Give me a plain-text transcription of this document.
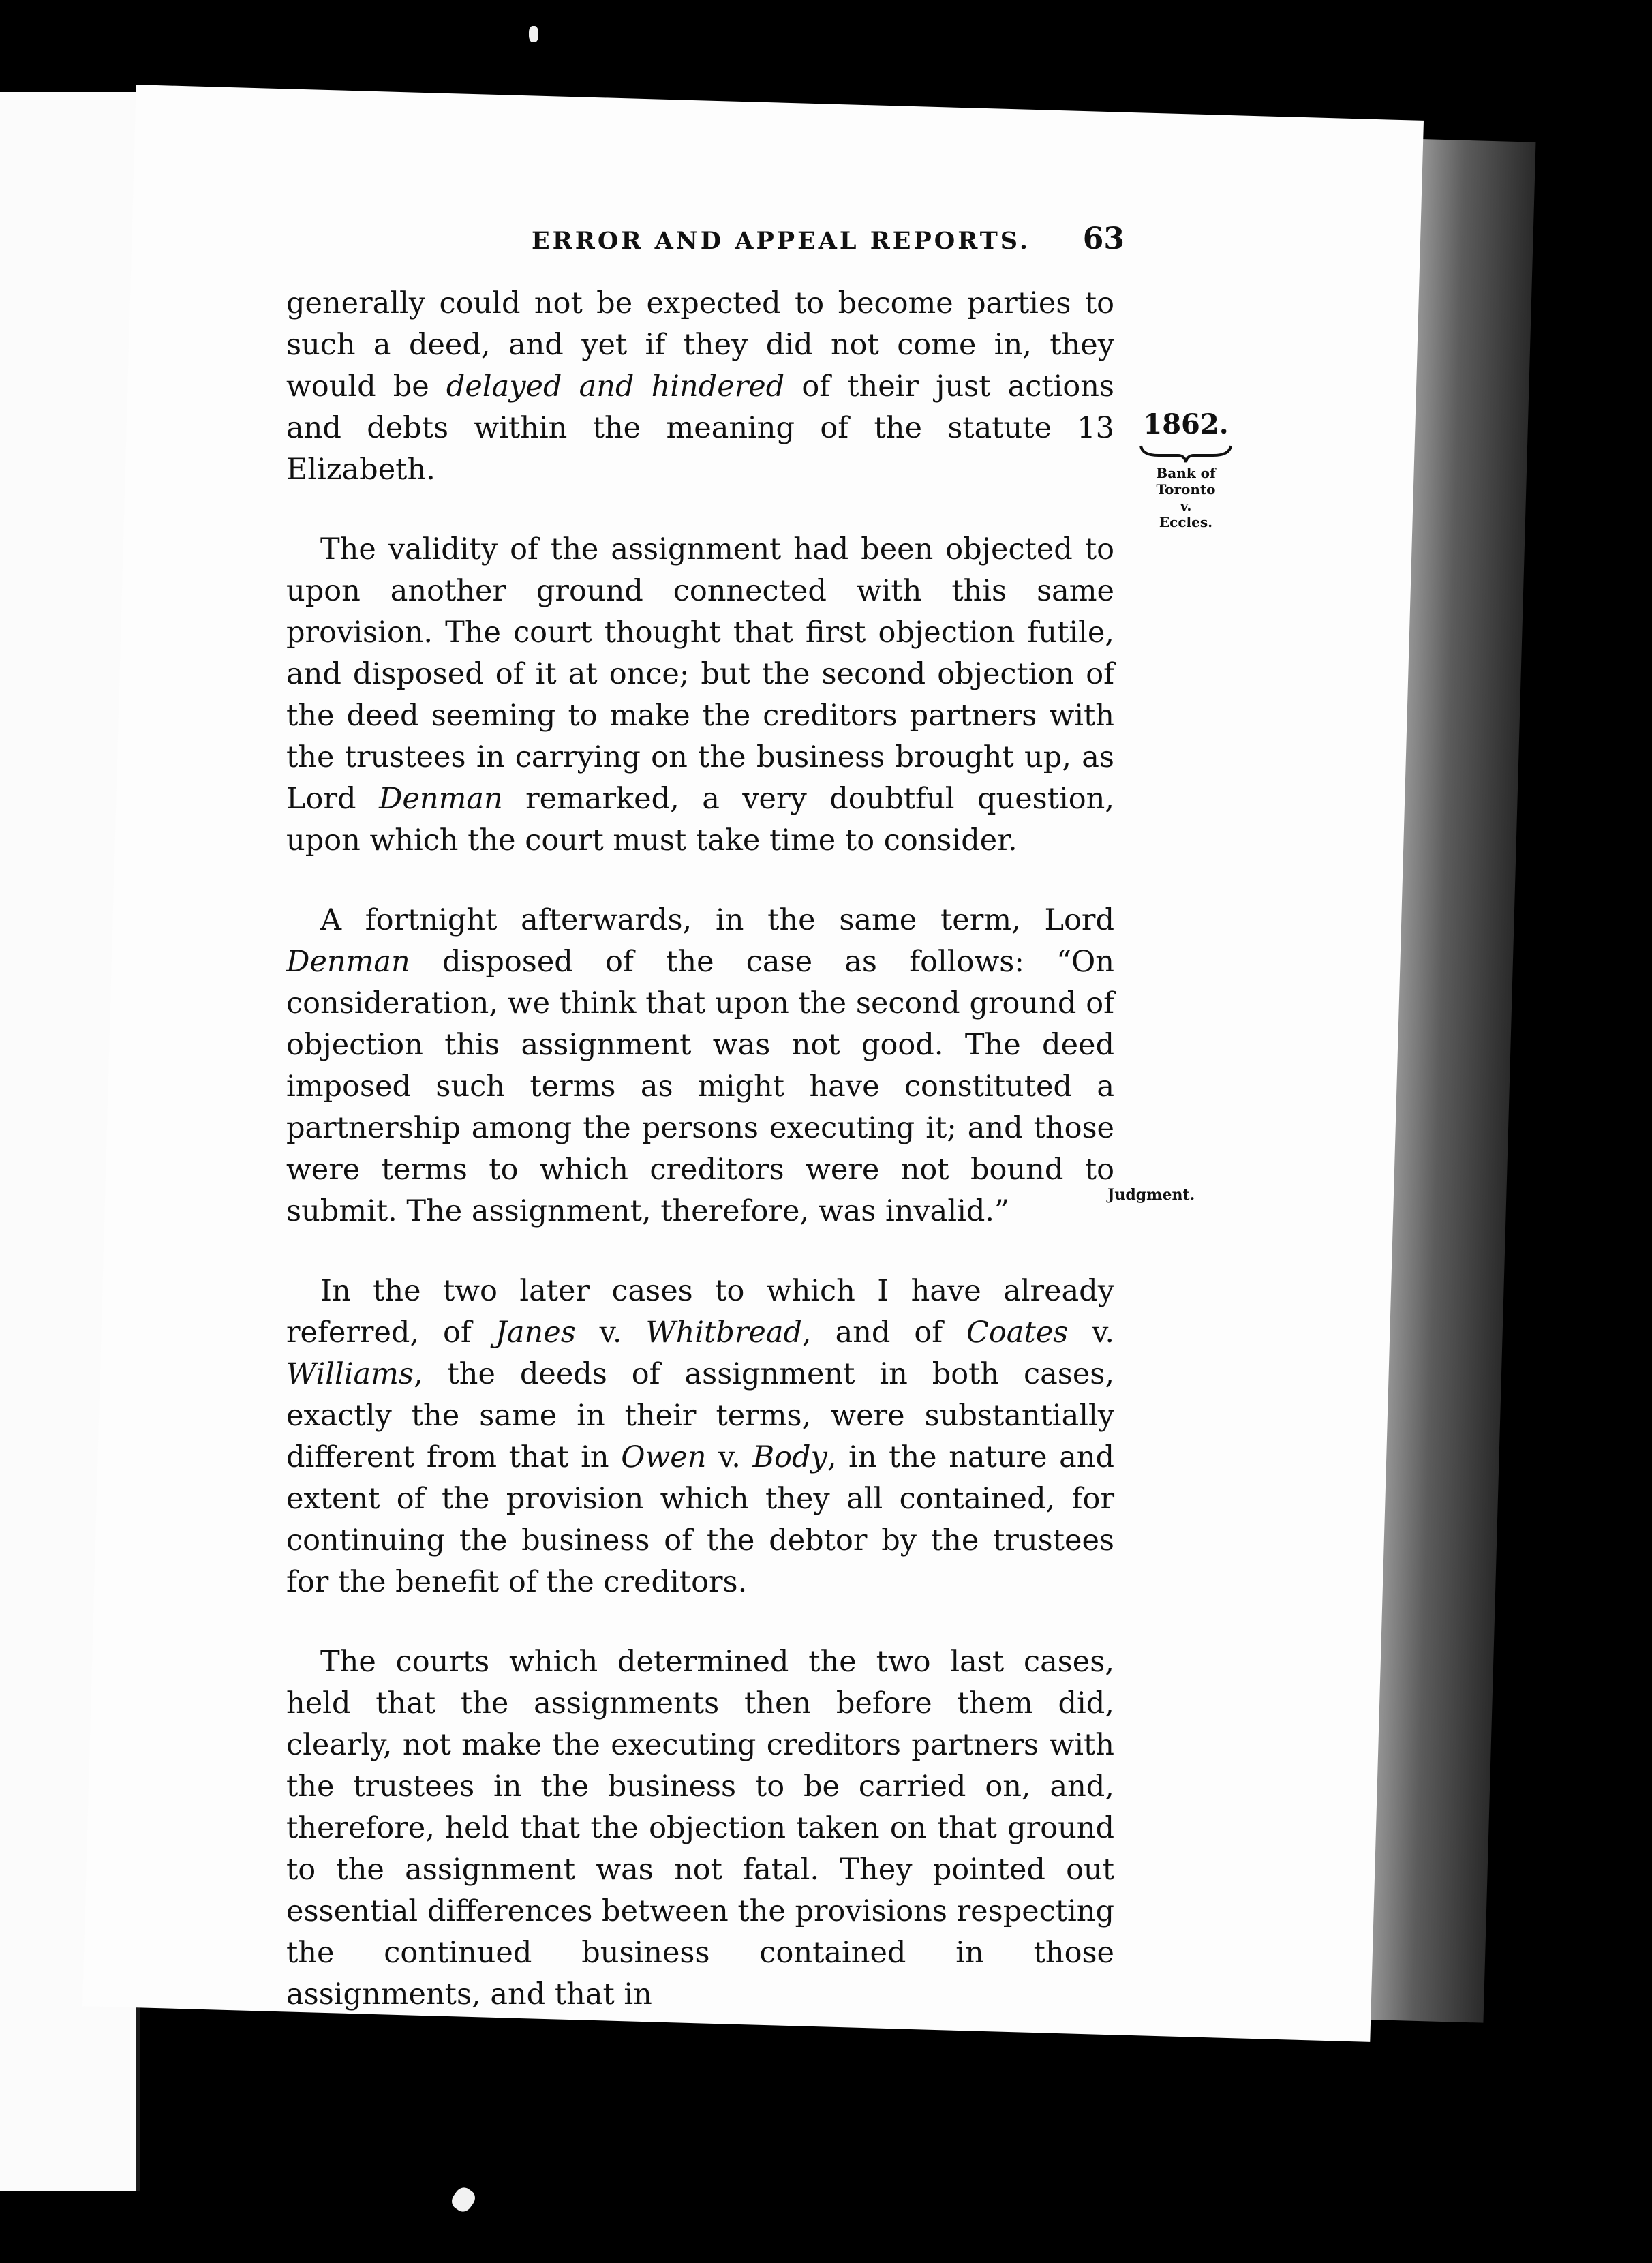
ERROR AND APPEAL REPORTS. 63
1862.
Bank of
Toronto
v.
Eccles.
Judgment.

generally could not be expected to become parties to such a deed, and yet if they did not come in, they would be delayed and hindered of their just actions and debts within the meaning of the statute 13 Elizabeth.

The validity of the assignment had been objected to upon another ground connected with this same provision. The court thought that first objection futile, and disposed of it at once; but the second objection of the deed seeming to make the creditors partners with the trustees in carrying on the business brought up, as Lord Denman remarked, a very doubtful question, upon which the court must take time to consider.

A fortnight afterwards, in the same term, Lord Denman disposed of the case as follows: “On consideration, we think that upon the second ground of objection this assignment was not good. The deed imposed such terms as might have constituted a partnership among the persons executing it; and those were terms to which creditors were not bound to submit. The assignment, therefore, was invalid.”

In the two later cases to which I have already referred, of Janes v. Whitbread, and of Coates v. Williams, the deeds of assignment in both cases, exactly the same in their terms, were substantially different from that in Owen v. Body, in the nature and extent of the provision which they all contained, for continuing the business of the debtor by the trustees for the benefit of the creditors.

The courts which determined the two last cases, held that the assignments then before them did, clearly, not make the executing creditors partners with the trustees in the business to be carried on, and, therefore, held that the objection taken on that ground to the assignment was not fatal. They pointed out essential differences between the provisions respecting the continued business contained in those assignments, and that in
